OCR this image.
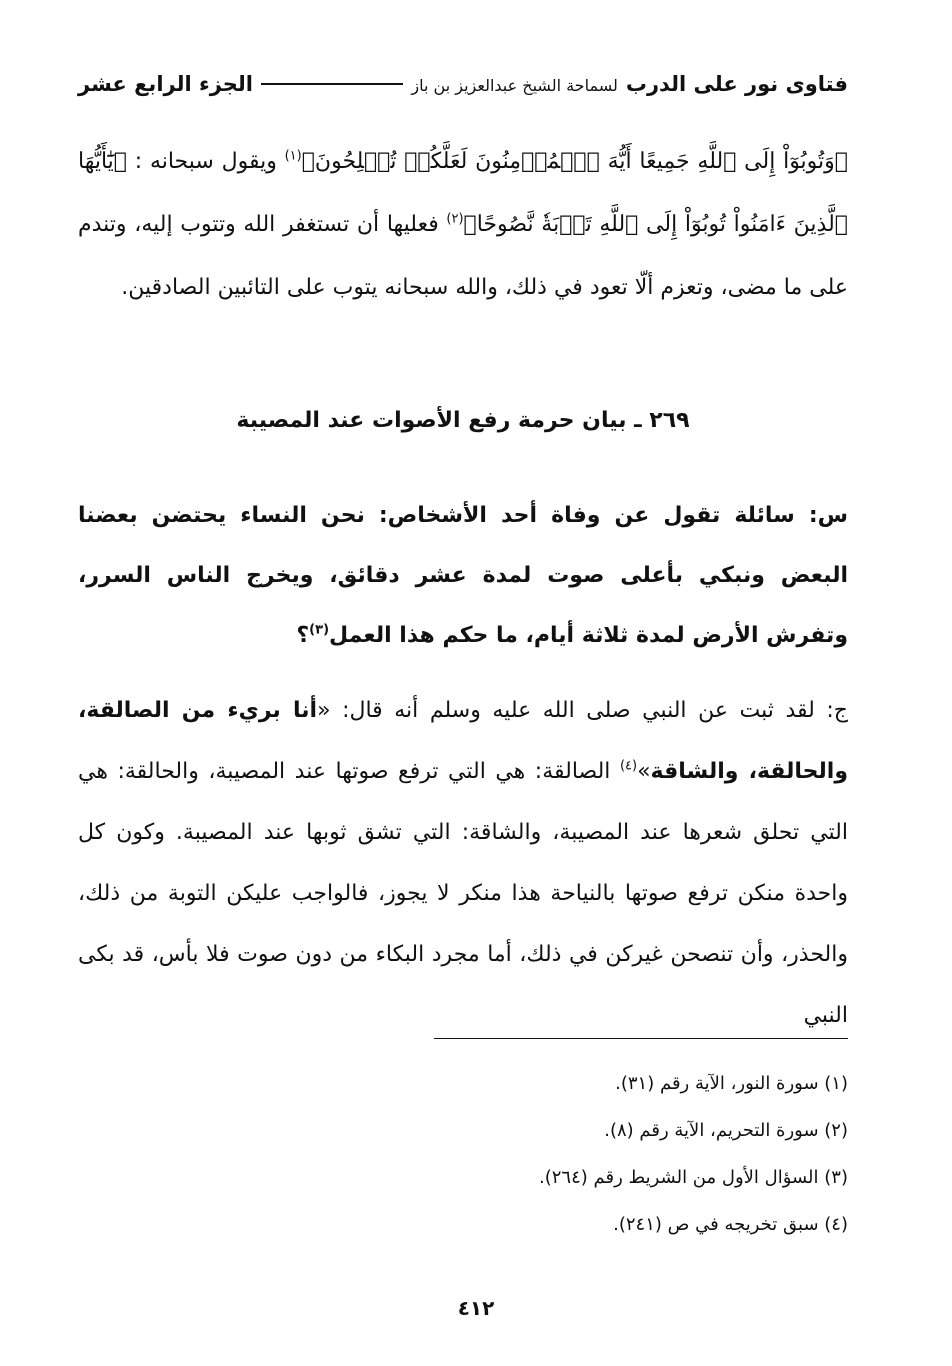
فتاوى نور على الدرب
لسماحة الشيخ عبدالعزيز بن باز
الجزء الرابع عشر
﴿وَتُوبُوٓاْ إِلَى ٱللَّهِ جَمِيعًا أَيُّهَ ٱلۡمُؤۡمِنُونَ لَعَلَّكُمۡ تُفۡلِحُونَ﴾$^{(١)}$ ويقول سبحانه : ﴿يَٰٓأَيُّهَا ٱلَّذِينَ ءَامَنُواْ تُوبُوٓاْ إِلَى ٱللَّهِ تَوۡبَةٗ نَّصُوحًا﴾$^{(٢)}$ فعليها أن تستغفر الله وتتوب إليه، وتندم على ما مضى، وتعزم ألّا تعود في ذلك، والله سبحانه يتوب على التائبين الصادقين.
٢٦٩ ـ بيان حرمة رفع الأصوات عند المصيبة
س: سائلة تقول عن وفاة أحد الأشخاص: نحن النساء يحتضن بعضنا البعض ونبكي بأعلى صوت لمدة عشر دقائق، ويخرج الناس السرر، وتفرش الأرض لمدة ثلاثة أيام، ما حكم هذا العمل$^{(٣)}$؟
ج: لقد ثبت عن النبي صلى الله عليه وسلم أنه قال: «أنا بريء من الصالقة، والحالقة، والشاقة»$^{(٤)}$ الصالقة: هي التي ترفع صوتها عند المصيبة، والحالقة: هي التي تحلق شعرها عند المصيبة، والشاقة: التي تشق ثوبها عند المصيبة. وكون كل واحدة منكن ترفع صوتها بالنياحة هذا منكر لا يجوز، فالواجب عليكن التوبة من ذلك، والحذر، وأن تنصحن غيركن في ذلك، أما مجرد البكاء من دون صوت فلا بأس، قد بكى النبي
(١) سورة النور، الآية رقم (٣١).
(٢) سورة التحريم، الآية رقم (٨).
(٣) السؤال الأول من الشريط رقم (٢٦٤).
(٤) سبق تخريجه في ص (٢٤١).
٤١٢
